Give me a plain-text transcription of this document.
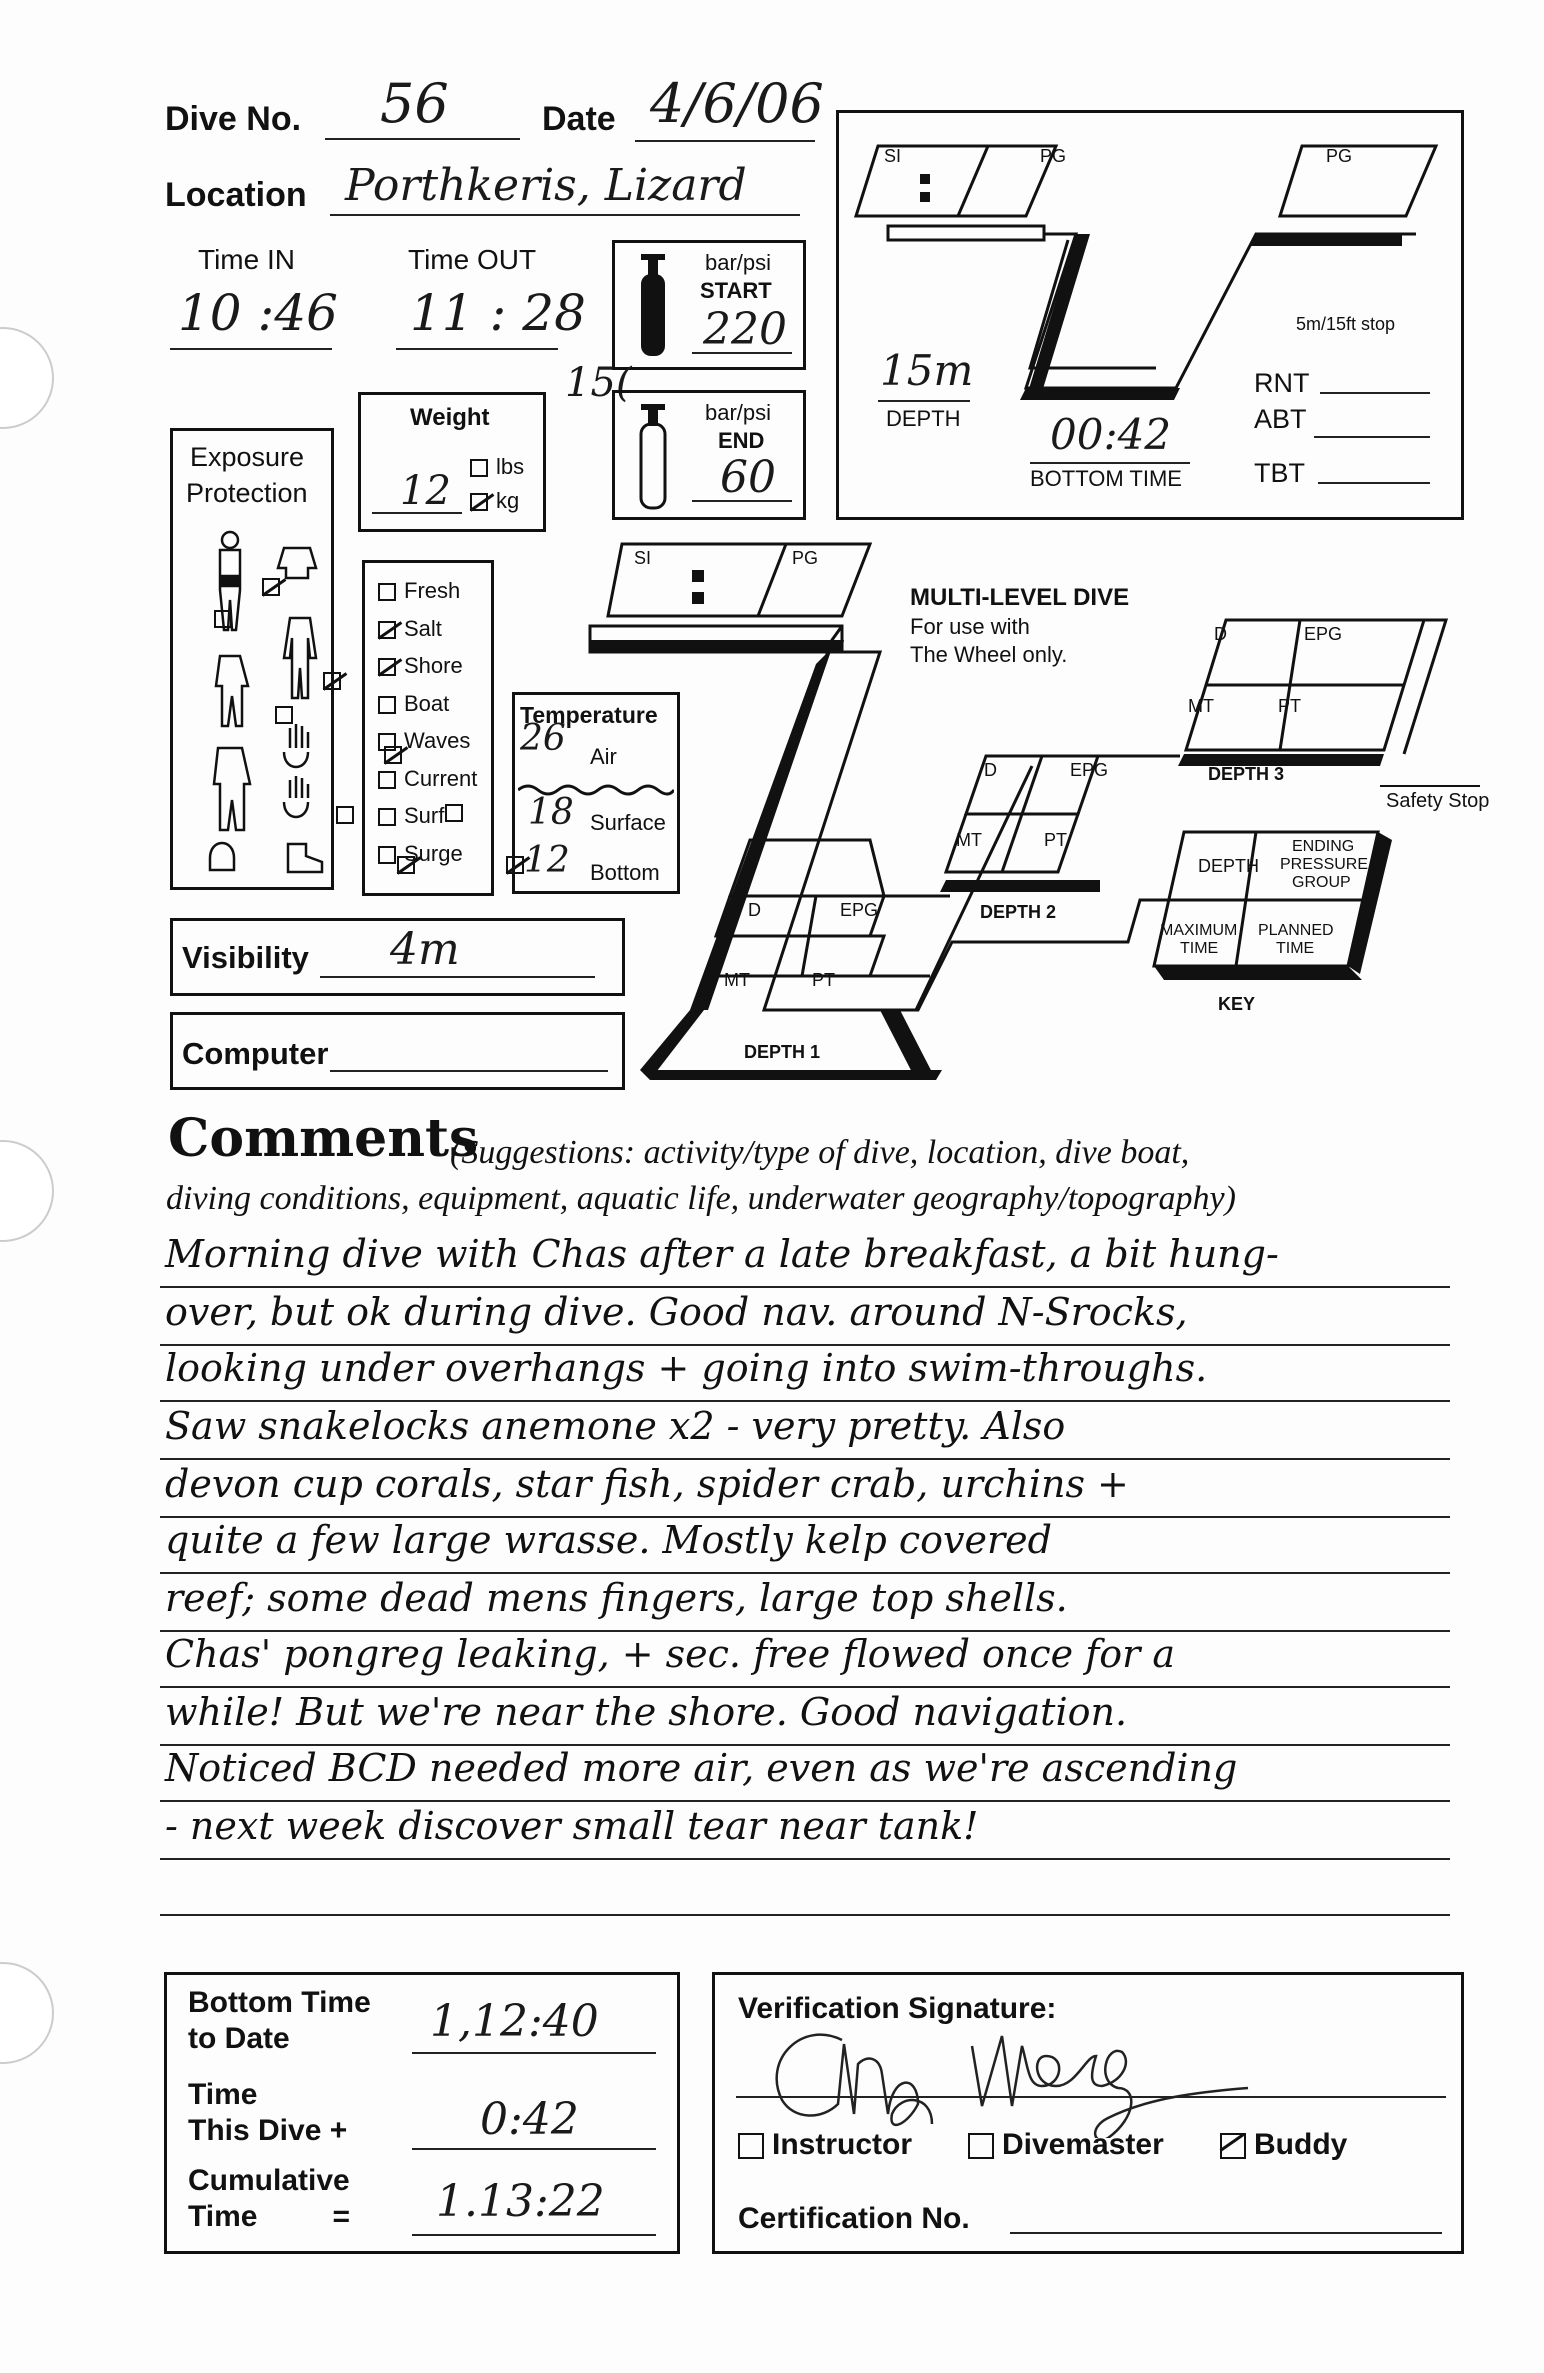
Dive No. 56	Date 4/6/06
Location Porthkeris, Lizard
Time IN
10 :46
Time OUT
11 : 28
bar/psi
START
220
15(
bar/psi
END
60
Weight
lbs
kg
12
Exposure
Protection

Fresh
Salt
Shore
Boat
Waves
Current
Surf
Surge
Temperature
26 Air
18 Surface
12 Bottom
Visibility 4m
Computer
SI	PG	PG
5m/15ft stop
15m
DEPTH 00:42
BOTTOM TIME
RNT
ABT
TBT
SI	PG
MULTI-LEVEL DIVE
For use with
The Wheel only.
D	EPG
MT	PT
DEPTH 3
Safety Stop
D	EPG
MT	PT
DEPTH 2
D	EPG
MT	PT
DEPTH 1
DEPTH
ENDING
PRESSURE
GROUP
MAXIMUM
TIME
PLANNED
TIME
KEY
Comments
(Suggestions: activity/type of dive, location, dive boat,
diving conditions, equipment, aquatic life, underwater geography/topography)
Morning dive with Chas after a late breakfast, a bit hung-
over, but ok during dive. Good nav. around N-Srocks,
looking under overhangs + going into swim-throughs.
Saw snakelocks anemone x2 - very pretty. Also
devon cup corals, star fish, spider crab, urchins +
quite a few large wrasse. Mostly kelp covered
reef; some dead mens fingers, large top shells.
Chas' pongreg leaking, + sec. free flowed once for a
while! But we're near the shore. Good navigation.
Noticed BCD needed more air, even as we're ascending
- next week discover small tear near tank!
Bottom Time
to Date	1,12:40
Time
This Dive +	0:42
Cumulative
Time         = 1.13:22
Verification Signature:
Instructor	Divemaster	Buddy
Certification No.
